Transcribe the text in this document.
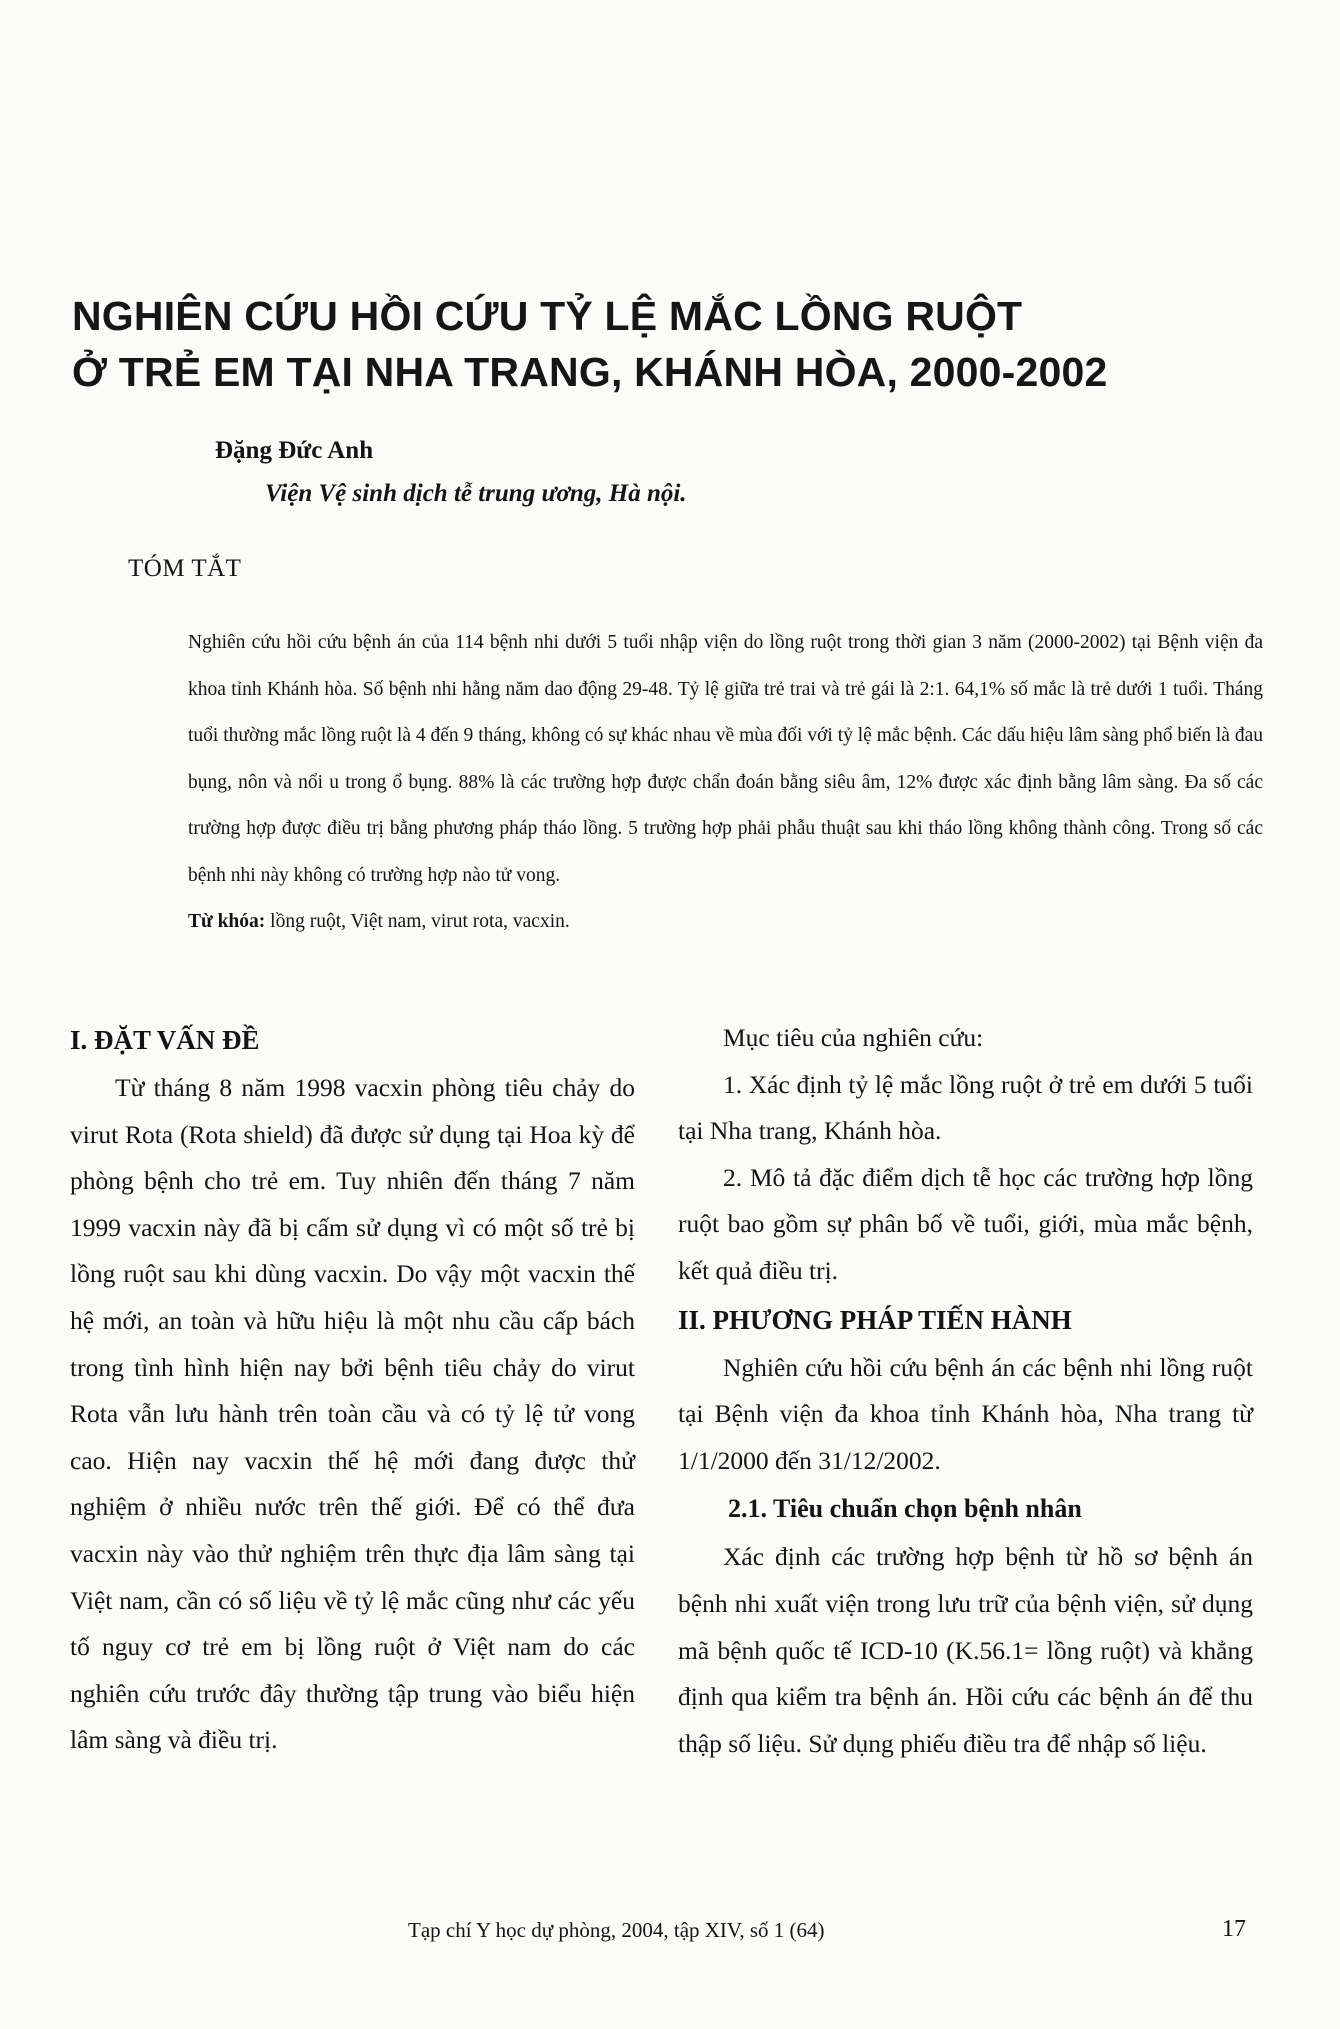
NGHIÊN CỨU HỒI CỨU TỶ LỆ MẮC LỒNG RUỘT
Ở TRẺ EM TẠI NHA TRANG, KHÁNH HÒA, 2000-2002
Đặng Đức Anh
Viện Vệ sinh dịch tễ trung ương, Hà nội.
TÓM TẮT

Nghiên cứu hồi cứu bệnh án của 114 bệnh nhi dưới 5 tuổi nhập viện do lồng ruột trong thời gian 3 năm (2000-2002) tại Bệnh viện đa khoa tỉnh Khánh hòa. Số bệnh nhi hằng năm dao động 29-48. Tỷ lệ giữa trẻ trai và trẻ gái là 2:1. 64,1% số mắc là trẻ dưới 1 tuổi. Tháng tuổi thường mắc lồng ruột là 4 đến 9 tháng, không có sự khác nhau về mùa đối với tỷ lệ mắc bệnh. Các dấu hiệu lâm sàng phổ biến là đau bụng, nôn và nổi u trong ổ bụng. 88% là các trường hợp được chẩn đoán bằng siêu âm, 12% được xác định bằng lâm sàng. Đa số các trường hợp được điều trị bằng phương pháp tháo lồng. 5 trường hợp phải phẫu thuật sau khi tháo lồng không thành công. Trong số các bệnh nhi này không có trường hợp nào tử vong.

Từ khóa: lồng ruột, Việt nam, virut rota, vacxin.

I. ĐẶT VẤN ĐỀ

Từ tháng 8 năm 1998 vacxin phòng tiêu chảy do virut Rota (Rota shield) đã được sử dụng tại Hoa kỳ để phòng bệnh cho trẻ em. Tuy nhiên đến tháng 7 năm 1999 vacxin này đã bị cấm sử dụng vì có một số trẻ bị lồng ruột sau khi dùng vacxin. Do vậy một vacxin thế hệ mới, an toàn và hữu hiệu là một nhu cầu cấp bách trong tình hình hiện nay bởi bệnh tiêu chảy do virut Rota vẫn lưu hành trên toàn cầu và có tỷ lệ tử vong cao. Hiện nay vacxin thế hệ mới đang được thử nghiệm ở nhiều nước trên thế giới. Để có thể đưa vacxin này vào thử nghiệm trên thực địa lâm sàng tại Việt nam, cần có số liệu về tỷ lệ mắc cũng như các yếu tố nguy cơ trẻ em bị lồng ruột ở Việt nam do các nghiên cứu trước đây thường tập trung vào biểu hiện lâm sàng và điều trị.

Mục tiêu của nghiên cứu:

1. Xác định tỷ lệ mắc lồng ruột ở trẻ em dưới 5 tuổi tại Nha trang, Khánh hòa.

2. Mô tả đặc điểm dịch tễ học các trường hợp lồng ruột bao gồm sự phân bố về tuổi, giới, mùa mắc bệnh, kết quả điều trị.

II. PHƯƠNG PHÁP TIẾN HÀNH

Nghiên cứu hồi cứu bệnh án các bệnh nhi lồng ruột tại Bệnh viện đa khoa tỉnh Khánh hòa, Nha trang từ 1/1/2000 đến 31/12/2002.

2.1. Tiêu chuẩn chọn bệnh nhân

Xác định các trường hợp bệnh từ hồ sơ bệnh án bệnh nhi xuất viện trong lưu trữ của bệnh viện, sử dụng mã bệnh quốc tế ICD-10 (K.56.1= lồng ruột) và khẳng định qua kiểm tra bệnh án. Hồi cứu các bệnh án để thu thập số liệu. Sử dụng phiếu điều tra để nhập số liệu.

Tạp chí Y học dự phòng, 2004, tập XIV, số 1 (64)	17
